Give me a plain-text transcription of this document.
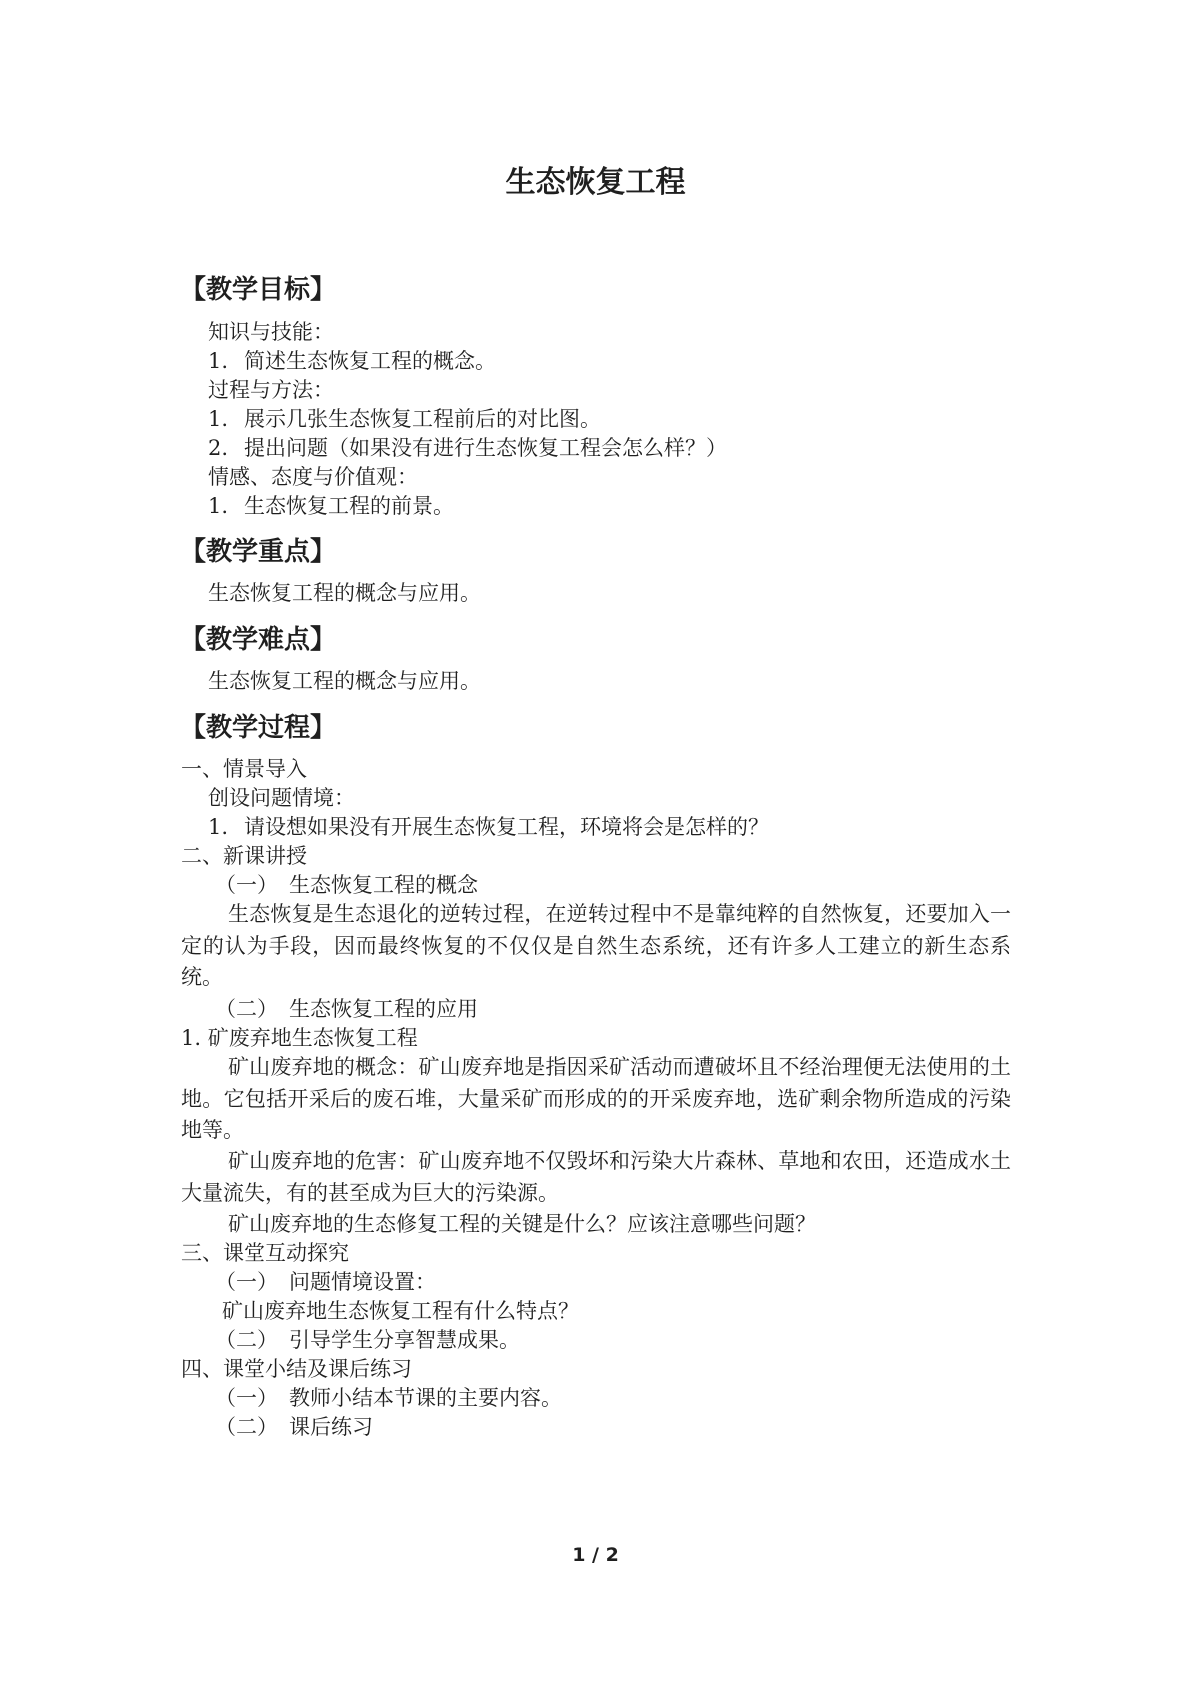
生态恢复工程
【教学目标】

知识与技能：

1. 简述生态恢复工程的概念。

过程与方法：

1. 展示几张生态恢复工程前后的对比图。

2. 提出问题（如果没有进行生态恢复工程会怎么样？）

情感、态度与价值观：

1. 生态恢复工程的前景。

【教学重点】

生态恢复工程的概念与应用。

【教学难点】

生态恢复工程的概念与应用。

【教学过程】

一、情景导入

创设问题情境：

1. 请设想如果没有开展生态恢复工程，环境将会是怎样的？

二、新课讲授

（一） 生态恢复工程的概念

生态恢复是生态退化的逆转过程，在逆转过程中不是靠纯粹的自然恢复，还要加入一定的认为手段，因而最终恢复的不仅仅是自然生态系统，还有许多人工建立的新生态系统。

（二） 生态恢复工程的应用

1. 矿废弃地生态恢复工程

矿山废弃地的概念：矿山废弃地是指因采矿活动而遭破坏且不经治理便无法使用的土地。它包括开采后的废石堆，大量采矿而形成的的开采废弃地，选矿剩余物所造成的污染地等。

矿山废弃地的危害：矿山废弃地不仅毁坏和污染大片森林、草地和农田，还造成水土大量流失，有的甚至成为巨大的污染源。

矿山废弃地的生态修复工程的关键是什么？应该注意哪些问题？

三、课堂互动探究

（一） 问题情境设置：

矿山废弃地生态恢复工程有什么特点？

（二） 引导学生分享智慧成果。

四、课堂小结及课后练习

（一） 教师小结本节课的主要内容。

（二） 课后练习

1 / 2
